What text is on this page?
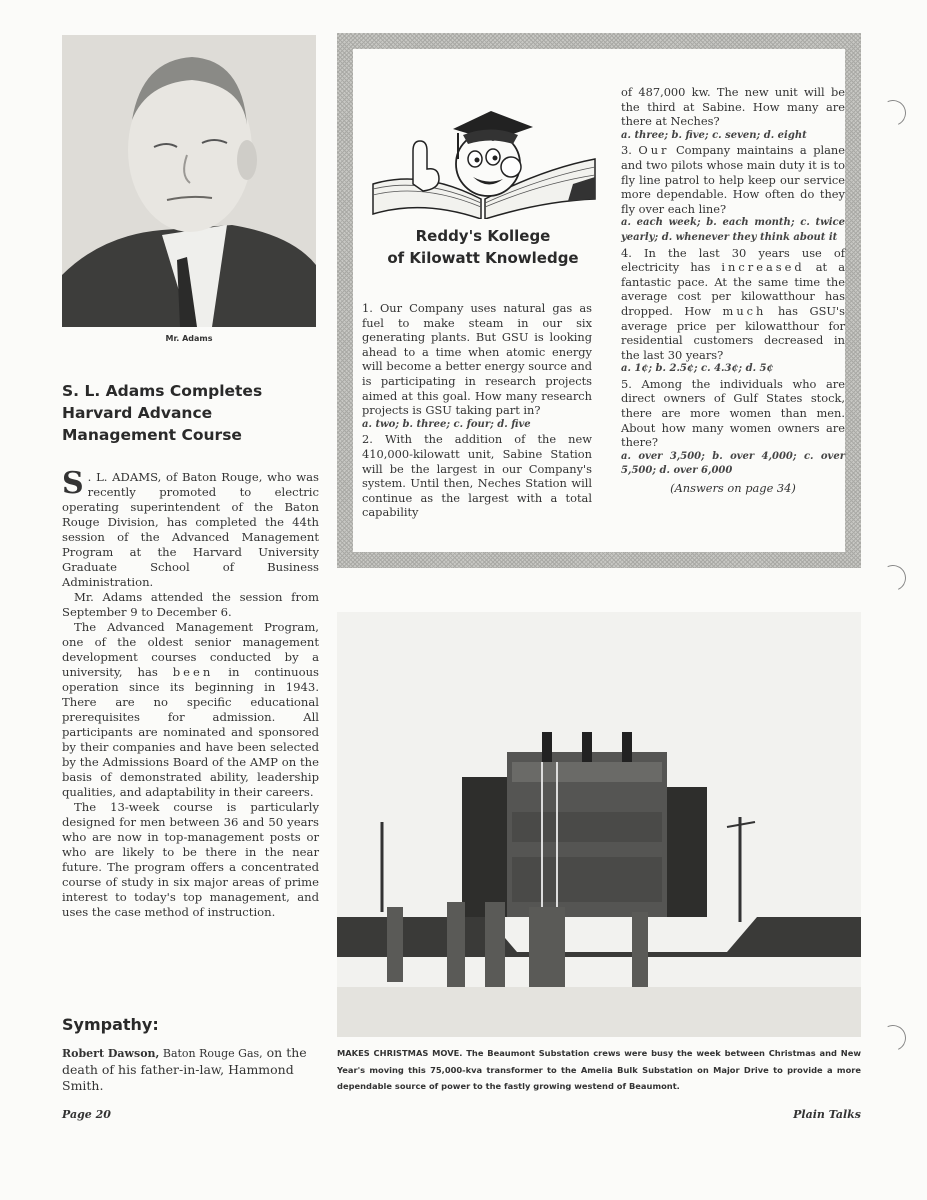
Mr. Adams
S. L. Adams Completes
Harvard Advance
Management Course

S . L. ADAMS, of Baton Rouge, who was recently promoted to electric operating superintendent of the Baton Rouge Division, has completed the 44th session of the Advanced Management Program at the Harvard University Graduate School of Business Administration.

Mr. Adams attended the session from September 9 to December 6.

The Advanced Management Program, one of the oldest senior management development courses conducted by a university, has been in continuous operation since its beginning in 1943. There are no specific educational prerequisites for admission. All participants are nominated and sponsored by their companies and have been selected by the Admissions Board of the AMP on the basis of demonstrated ability, leadership qualities, and adaptability in their careers.

The 13-week course is particularly designed for men between 36 and 50 years who are now in top-management posts or who are likely to be there in the near future. The program offers a concentrated course of study in six major areas of prime interest to today's top management, and uses the case method of instruction.

Sympathy:
Robert Dawson, Baton Rouge Gas, on the death of his father-in-law, Hammond Smith.
Reddy's Kollege
of Kilowatt Knowledge
1. Our Company uses natural gas as fuel to make steam in our six generating plants. But GSU is looking ahead to a time when atomic energy will become a better energy source and is participating in research projects aimed at this goal. How many research projects is GSU taking part in?
a. two; b. three; c. four; d. five
2. With the addition of the new 410,000-kilowatt unit, Sabine Station will be the largest in our Company's system. Until then, Neches Station will continue as the largest with a total capability
of 487,000 kw. The new unit will be the third at Sabine. How many are there at Neches?
a. three; b. five; c. seven; d. eight
3. Our Company maintains a plane and two pilots whose main duty it is to fly line patrol to help keep our service more dependable. How often do they fly over each line?
a. each week; b. each month; c. twice yearly; d. whenever they think about it
4. In the last 30 years use of electricity has increased at a fantastic pace. At the same time the average cost per kilowatthour has dropped. How much has GSU's average price per kilowatthour for residential customers decreased in the last 30 years?
a. 1¢; b. 2.5¢; c. 4.3¢; d. 5¢
5. Among the individuals who are direct owners of Gulf States stock, there are more women than men. About how many women owners are there?
a. over 3,500; b. over 4,000; c. over 5,500; d. over 6,000
(Answers on page 34)
MAKES CHRISTMAS MOVE. The Beaumont Substation crews were busy the week between Christmas and New Year's moving this 75,000-kva transformer to the Amelia Bulk Substation on Major Drive to provide a more dependable source of power to the fastly growing westend of Beaumont.
Page 20	Plain Talks
